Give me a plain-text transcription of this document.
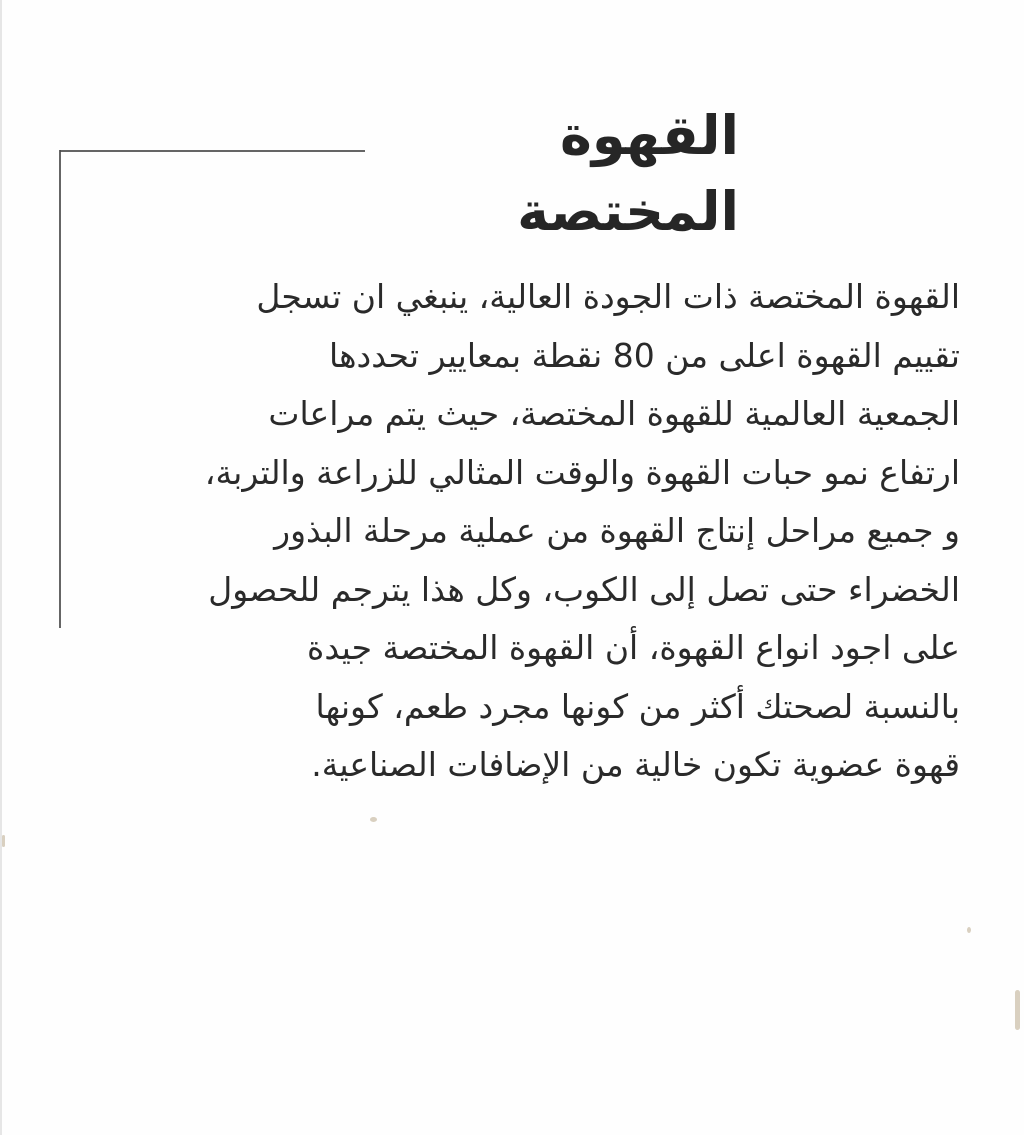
القهوة
المختصة
القهوة المختصة ذات الجودة العالية، ينبغي ان تسجل
تقييم القهوة اعلى من 80 نقطة بمعايير تحددها
الجمعية العالمية للقهوة المختصة، حيث يتم مراعات
ارتفاع نمو حبات القهوة والوقت المثالي للزراعة والتربة،
و جميع مراحل إنتاج القهوة من عملية مرحلة البذور
الخضراء حتى تصل إلى الكوب، وكل هذا يترجم للحصول
على اجود انواع القهوة، أن القهوة المختصة جيدة
بالنسبة لصحتك أكثر من كونها مجرد طعم، كونها
قهوة عضوية تكون خالية من الإضافات الصناعية.
